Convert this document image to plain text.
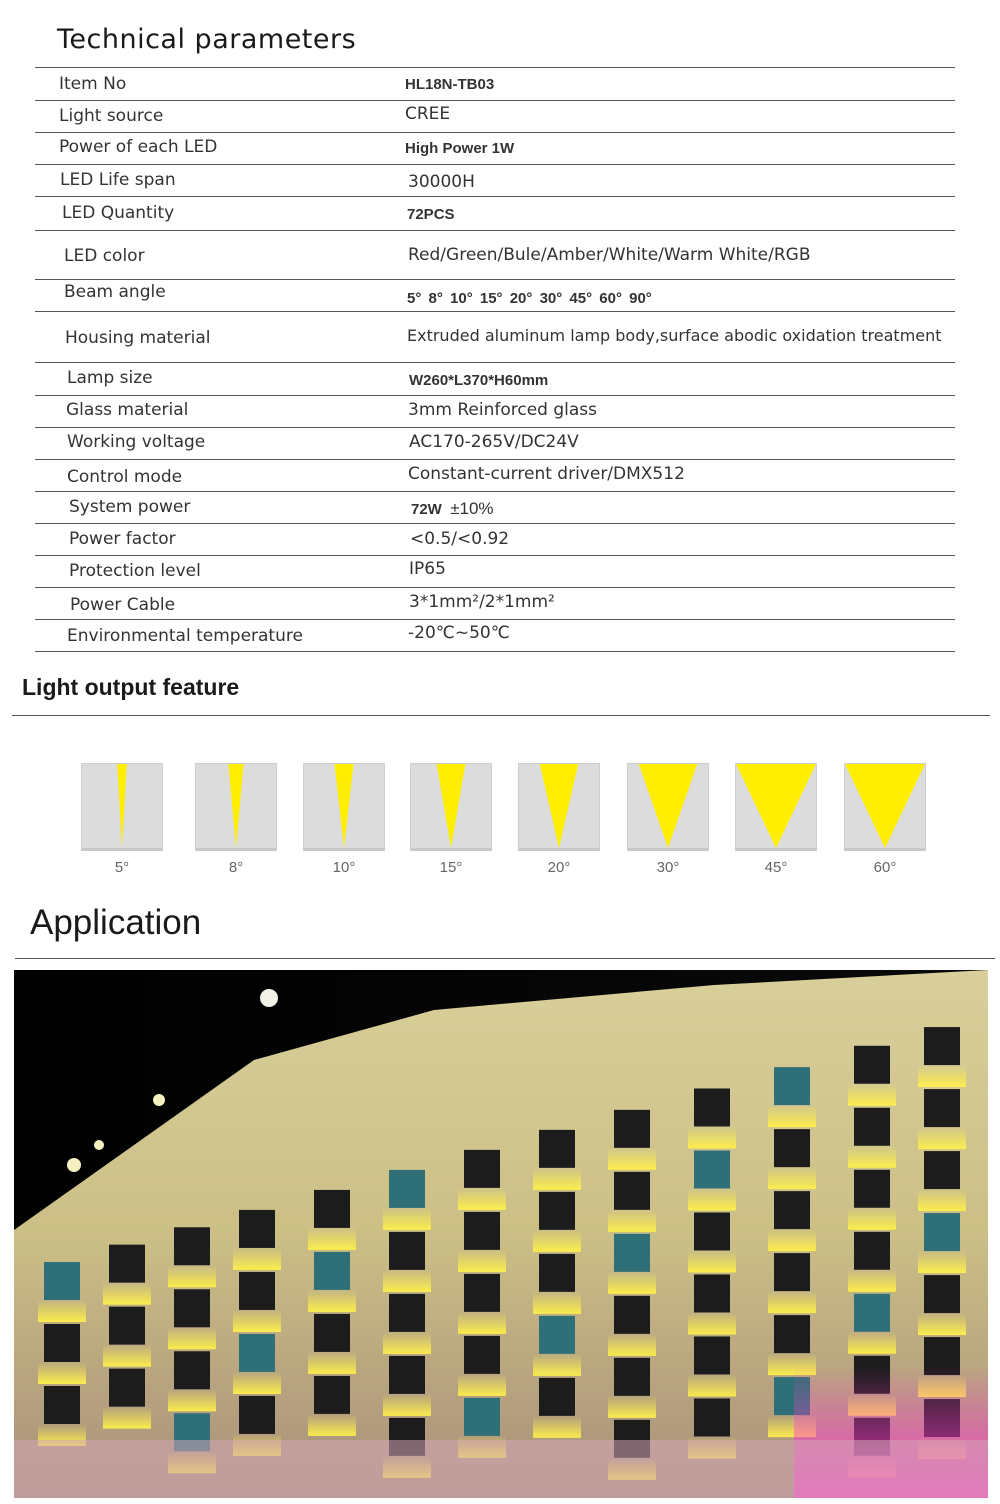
Technical parameters
Item No	HL18N-TB03
Light source	CREE
Power of each LED	High Power 1W
LED Life span	30000H
LED Quantity	72PCS
LED color	Red/Green/Bule/Amber/White/Warm White/RGB
Beam angle	5° 8° 10° 15° 20° 30° 45° 60° 90°
Housing material	Extruded aluminum lamp body,surface abodic oxidation treatment
Lamp size	W260*L370*H60mm
Glass material	3mm Reinforced glass
Working voltage	AC170-265V/DC24V
Control mode	Constant-current driver/DMX512
System power	72W ±10%
Power factor	<0.5/<0.92
Protection level	IP65
Power Cable	3*1mm²/2*1mm²
Environmental temperature	-20℃~50℃
Light output feature
5°	8°	10°	15°	20°	30°	45°	60°
Application
